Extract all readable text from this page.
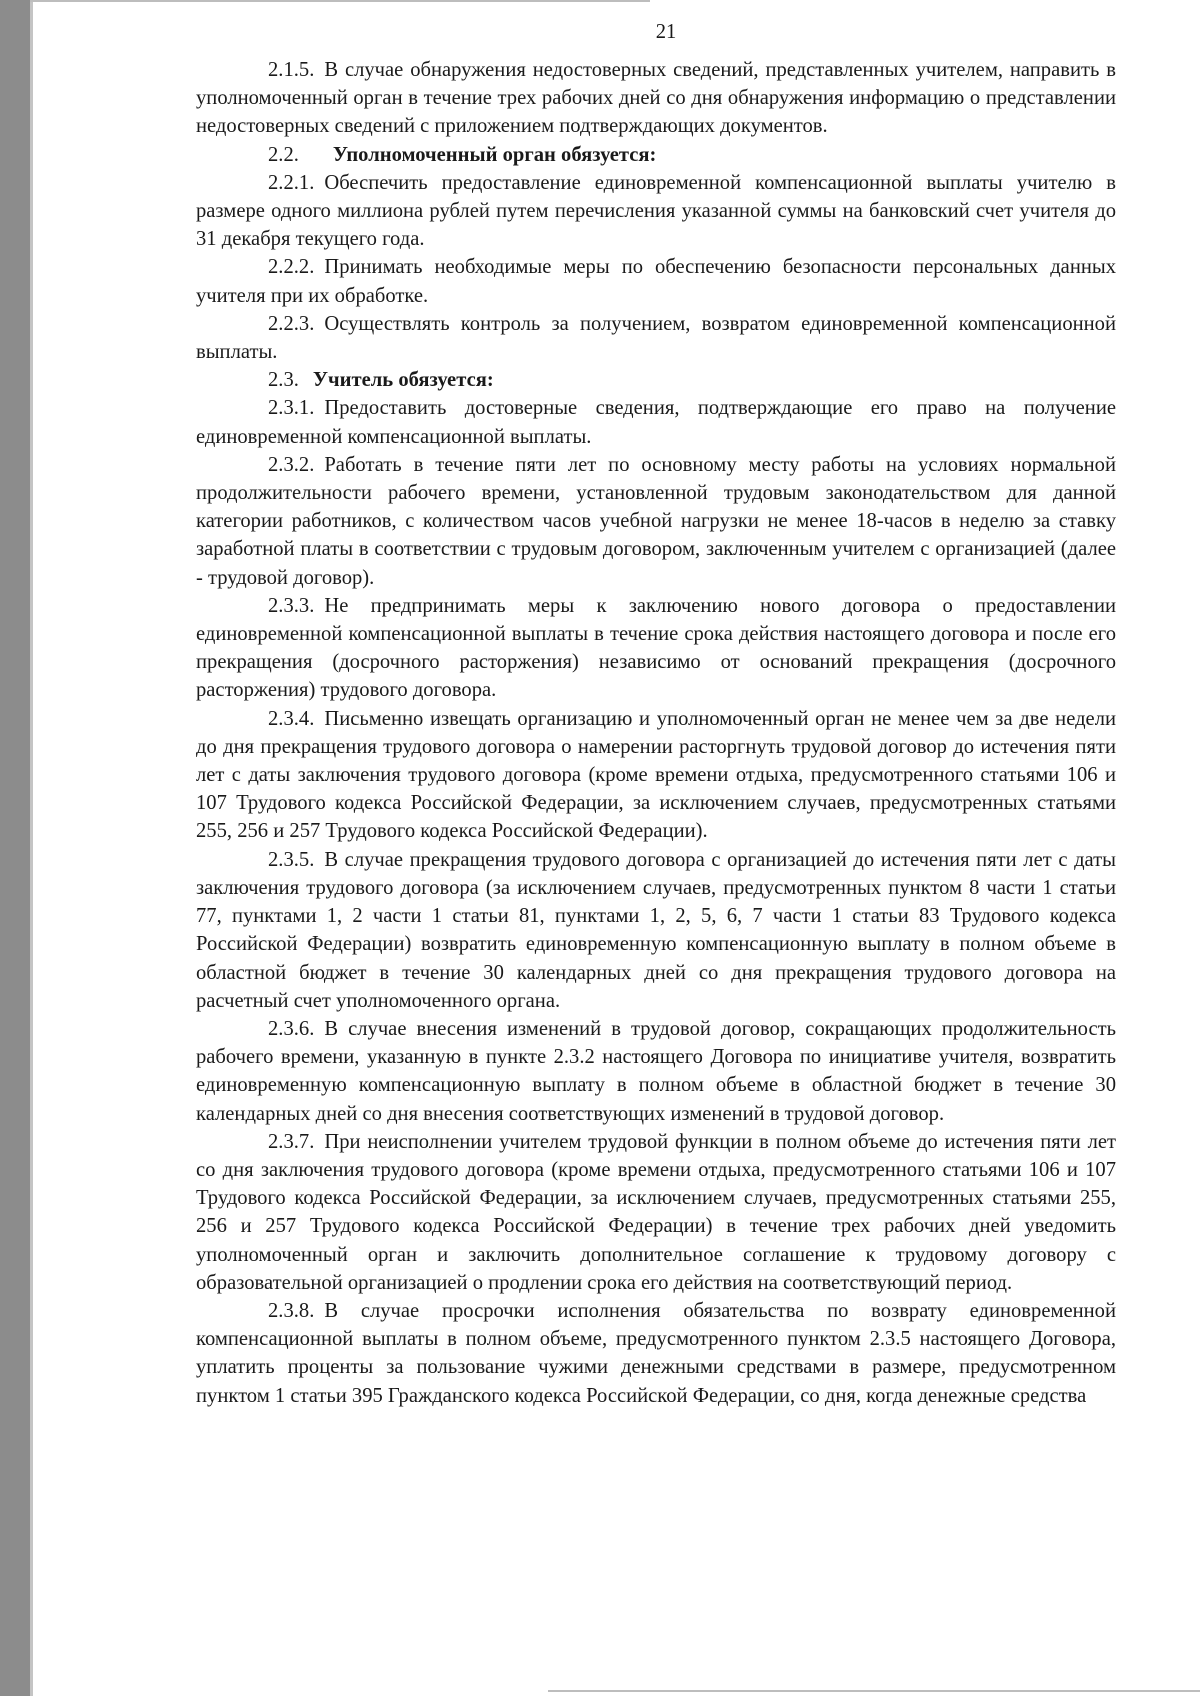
21

2.1.5. В случае обнаружения недостоверных сведений, представленных учителем, направить в уполномоченный орган в течение трех рабочих дней со дня обнаружения информацию о представлении недостоверных сведений с приложением подтверждающих документов.

2.2. Уполномоченный орган обязуется:

2.2.1. Обеспечить предоставление единовременной компенсационной выплаты учителю в размере одного миллиона рублей путем перечисления указанной суммы на банковский счет учителя до 31 декабря текущего года.

2.2.2. Принимать необходимые меры по обеспечению безопасности персональных данных учителя при их обработке.

2.2.3. Осуществлять контроль за получением, возвратом единовременной компенсационной выплаты.

2.3. Учитель обязуется:

2.3.1. Предоставить достоверные сведения, подтверждающие его право на получение единовременной компенсационной выплаты.

2.3.2. Работать в течение пяти лет по основному месту работы на условиях нормальной продолжительности рабочего времени, установленной трудовым законодательством для данной категории работников, с количеством часов учебной нагрузки не менее 18-часов в неделю за ставку заработной платы в соответствии с трудовым договором, заключенным учителем с организацией (далее - трудовой договор).

2.3.3. Не предпринимать меры к заключению нового договора о предоставлении единовременной компенсационной выплаты в течение срока действия настоящего договора и после его прекращения (досрочного расторжения) независимо от оснований прекращения (досрочного расторжения) трудового договора.

2.3.4. Письменно извещать организацию и уполномоченный орган не менее чем за две недели до дня прекращения трудового договора о намерении расторгнуть трудовой договор до истечения пяти лет с даты заключения трудового договора (кроме времени отдыха, предусмотренного статьями 106 и 107 Трудового кодекса Российской Федерации, за исключением случаев, предусмотренных статьями 255, 256 и 257 Трудового кодекса Российской Федерации).

2.3.5. В случае прекращения трудового договора с организацией до истечения пяти лет с даты заключения трудового договора (за исключением случаев, предусмотренных пунктом 8 части 1 статьи 77, пунктами 1, 2 части 1 статьи 81, пунктами 1, 2, 5, 6, 7 части 1 статьи 83 Трудового кодекса Российской Федерации) возвратить единовременную компенсационную выплату в полном объеме в областной бюджет в течение 30 календарных дней со дня прекращения трудового договора на расчетный счет уполномоченного органа.

2.3.6. В случае внесения изменений в трудовой договор, сокращающих продолжительность рабочего времени, указанную в пункте 2.3.2 настоящего Договора по инициативе учителя, возвратить единовременную компенсационную выплату в полном объеме в областной бюджет в течение 30 календарных дней со дня внесения соответствующих изменений в трудовой договор.

2.3.7. При неисполнении учителем трудовой функции в полном объеме до истечения пяти лет со дня заключения трудового договора (кроме времени отдыха, предусмотренного статьями 106 и 107 Трудового кодекса Российской Федерации, за исключением случаев, предусмотренных статьями 255, 256 и 257 Трудового кодекса Российской Федерации) в течение трех рабочих дней уведомить уполномоченный орган и заключить дополнительное соглашение к трудовому договору с образовательной организацией о продлении срока его действия на соответствующий период.

2.3.8. В случае просрочки исполнения обязательства по возврату единовременной компенсационной выплаты в полном объеме, предусмотренного пунктом 2.3.5 настоящего Договора, уплатить проценты за пользование чужими денежными средствами в размере, предусмотренном пунктом 1 статьи 395 Гражданского кодекса Российской Федерации, со дня, когда денежные средства
